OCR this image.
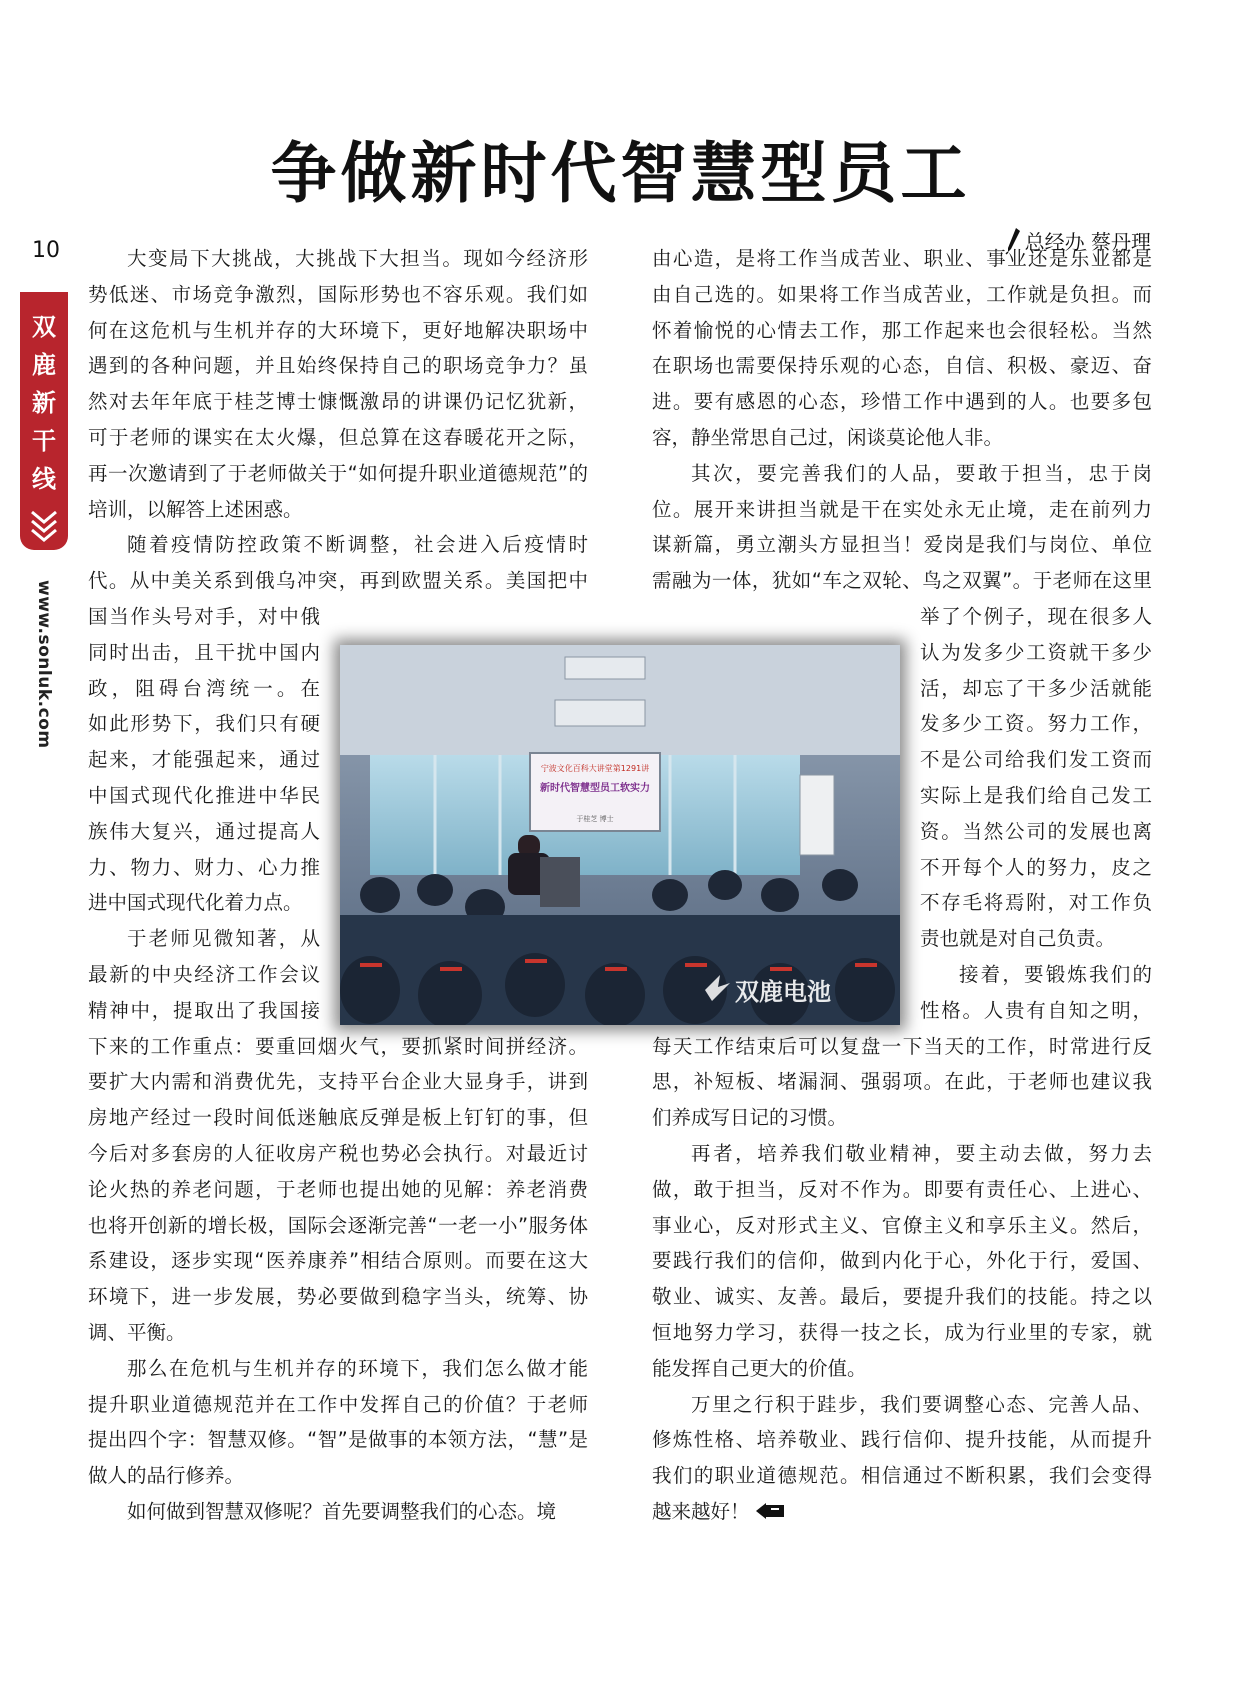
争做新时代智慧型员工
总经办 蔡丹理
10
双鹿新干线
www.sonluk.com

大变局下大挑战，大挑战下大担当。现如今经济形

势低迷、市场竞争激烈，国际形势也不容乐观。我们如

何在这危机与生机并存的大环境下，更好地解决职场中

遇到的各种问题，并且始终保持自己的职场竞争力？虽

然对去年年底于桂芝博士慷慨激昂的讲课仍记忆犹新，

可于老师的课实在太火爆，但总算在这春暖花开之际，

再一次邀请到了于老师做关于“如何提升职业道德规范”的

培训，以解答上述困惑。

随着疫情防控政策不断调整，社会进入后疫情时

代。从中美关系到俄乌冲突，再到欧盟关系。美国把中

国当作头号对手，对中俄

同时出击，且干扰中国内

政，阻碍台湾统一。在

如此形势下，我们只有硬

起来，才能强起来，通过

中国式现代化推进中华民

族伟大复兴，通过提高人

力、物力、财力、心力推

进中国式现代化着力点。

于老师见微知著，从

最新的中央经济工作会议

精神中，提取出了我国接

下来的工作重点：要重回烟火气，要抓紧时间拼经济。

要扩大内需和消费优先，支持平台企业大显身手，讲到

房地产经过一段时间低迷触底反弹是板上钉钉的事，但

今后对多套房的人征收房产税也势必会执行。对最近讨

论火热的养老问题，于老师也提出她的见解：养老消费

也将开创新的增长极，国际会逐渐完善“一老一小”服务体

系建设，逐步实现“医养康养”相结合原则。而要在这大

环境下，进一步发展，势必要做到稳字当头，统筹、协

调、平衡。

那么在危机与生机并存的环境下，我们怎么做才能

提升职业道德规范并在工作中发挥自己的价值？于老师

提出四个字：智慧双修。“智”是做事的本领方法，“慧”是

做人的品行修养。

如何做到智慧双修呢？首先要调整我们的心态。境

由心造，是将工作当成苦业、职业、事业还是乐业都是

由自己选的。如果将工作当成苦业，工作就是负担。而

怀着愉悦的心情去工作，那工作起来也会很轻松。当然

在职场也需要保持乐观的心态，自信、积极、豪迈、奋

进。要有感恩的心态，珍惜工作中遇到的人。也要多包

容，静坐常思自己过，闲谈莫论他人非。

其次，要完善我们的人品，要敢于担当，忠于岗

位。展开来讲担当就是干在实处永无止境，走在前列力

谋新篇，勇立潮头方显担当！爱岗是我们与岗位、单位

需融为一体，犹如“车之双轮、鸟之双翼”。于老师在这里

举了个例子，现在很多人

认为发多少工资就干多少

活，却忘了干多少活就能

发多少工资。努力工作，

不是公司给我们发工资而

实际上是我们给自己发工

资。当然公司的发展也离

不开每个人的努力，皮之

不存毛将焉附，对工作负

责也就是对自己负责。

接着，要锻炼我们的

性格。人贵有自知之明，

每天工作结束后可以复盘一下当天的工作，时常进行反

思，补短板、堵漏洞、强弱项。在此，于老师也建议我

们养成写日记的习惯。

再者，培养我们敬业精神，要主动去做，努力去

做，敢于担当，反对不作为。即要有责任心、上进心、

事业心，反对形式主义、官僚主义和享乐主义。然后，

要践行我们的信仰，做到内化于心，外化于行，爱国、

敬业、诚实、友善。最后，要提升我们的技能。持之以

恒地努力学习，获得一技之长，成为行业里的专家，就

能发挥自己更大的价值。

万里之行积于跬步，我们要调整心态、完善人品、

修炼性格、培养敬业、践行信仰、提升技能，从而提升

我们的职业道德规范。相信通过不断积累，我们会变得

越来越好！

宁波文化百科大讲堂第1291讲
新时代智慧型员工软实力
于桂芝 博士
双鹿电池
